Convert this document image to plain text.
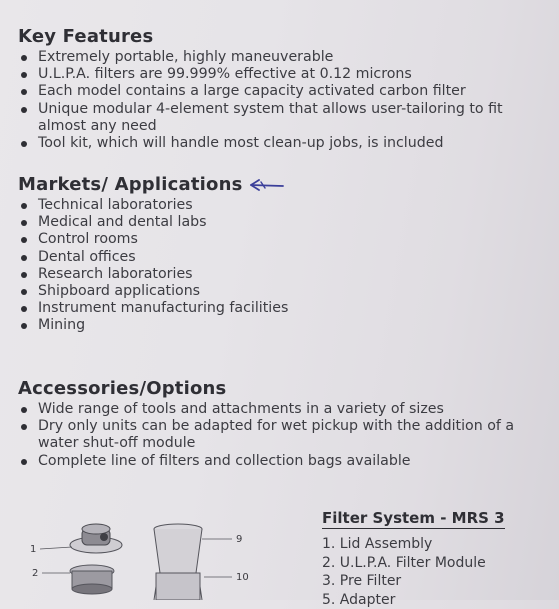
Key Features
Extremely portable, highly maneuverable
U.L.P.A. filters are 99.999% effective at 0.12 microns
Each model contains a large capacity activated carbon filter
Unique modular 4-element system that allows user-tailoring to fit almost any need
Tool kit, which will handle most clean-up jobs, is included
Markets/ Applications
Technical laboratories
Medical and dental labs
Control rooms
Dental offices
Research laboratories
Shipboard applications
Instrument manufacturing facilities
Mining
Accessories/Options
Wide range of tools and attachments in a variety of sizes
Dry only units can be adapted for wet pickup with the addition of a water shut-off module
Complete line of filters and collection bags available
1
2
9
10
Filter System - MRS 3
1. Lid Assembly
2. U.L.P.A. Filter Module
3. Pre Filter
5. Adapter
